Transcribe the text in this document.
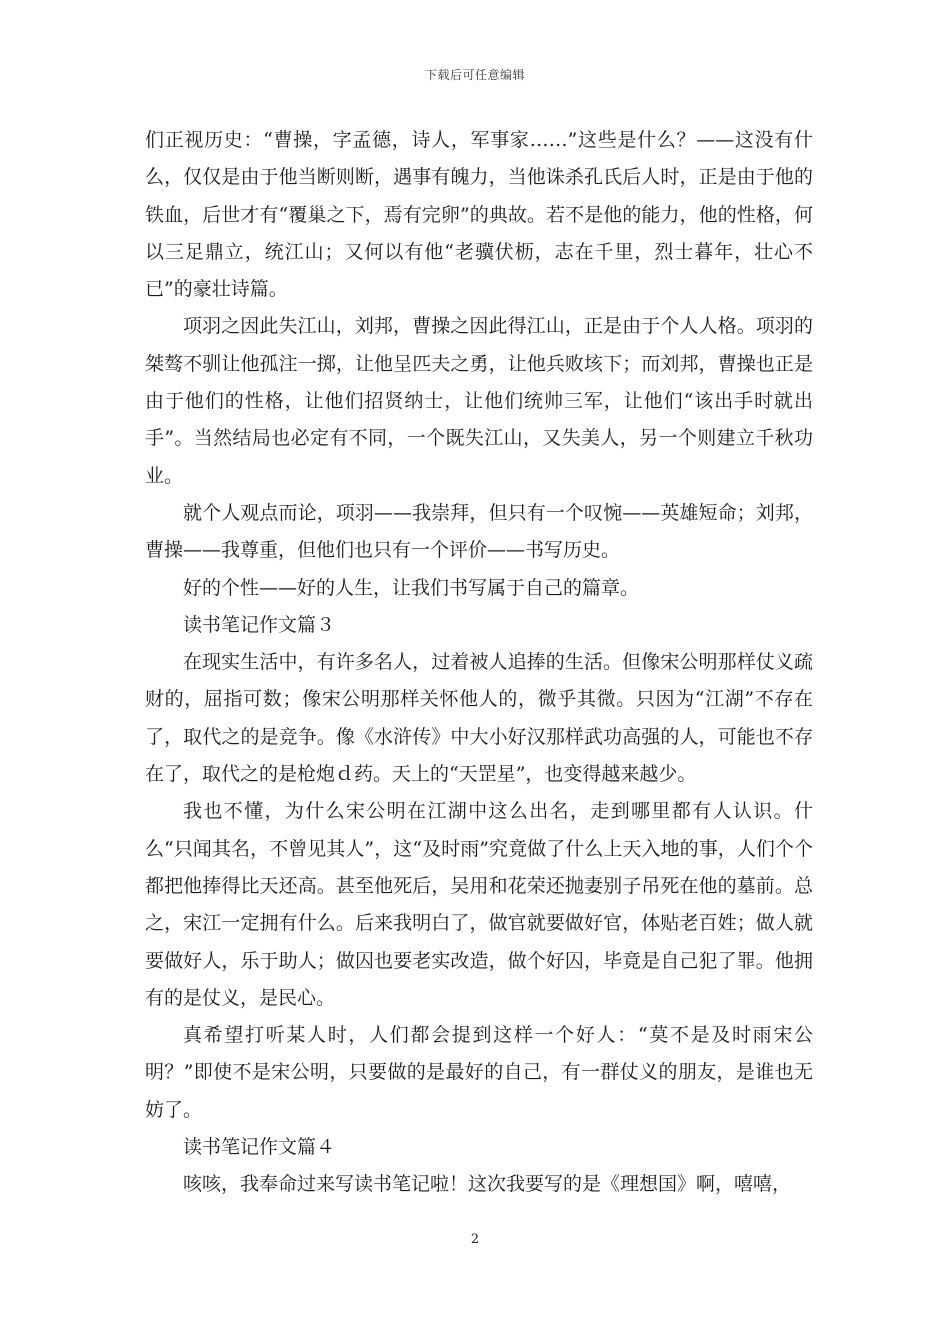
下载后可任意编辑

们正视历史：“曹操，字孟德，诗人，军事家……”这些是什么？——这没有什么，仅仅是由于他当断则断，遇事有魄力，当他诛杀孔氏后人时，正是由于他的铁血，后世才有“覆巢之下，焉有完卵”的典故。若不是他的能力，他的性格，何以三足鼎立，统江山；又何以有他“老骥伏枥，志在千里，烈士暮年，壮心不已”的豪壮诗篇。

项羽之因此失江山，刘邦，曹操之因此得江山，正是由于个人人格。项羽的桀骜不驯让他孤注一掷，让他呈匹夫之勇，让他兵败垓下；而刘邦，曹操也正是由于他们的性格，让他们招贤纳士，让他们统帅三军，让他们“该出手时就出手”。当然结局也必定有不同，一个既失江山，又失美人，另一个则建立千秋功业。

就个人观点而论，项羽——我崇拜，但只有一个叹惋——英雄短命；刘邦，曹操——我尊重，但他们也只有一个评价——书写历史。

好的个性——好的人生，让我们书写属于自己的篇章。

读书笔记作文篇３

在现实生活中，有许多名人，过着被人追捧的生活。但像宋公明那样仗义疏财的，屈指可数；像宋公明那样关怀他人的，微乎其微。只因为“江湖”不存在了，取代之的是竞争。像《水浒传》中大小好汉那样武功高强的人，可能也不存在了，取代之的是枪炮ｄ药。天上的“天罡星”，也变得越来越少。

我也不懂，为什么宋公明在江湖中这么出名，走到哪里都有人认识。什么“只闻其名，不曾见其人”，这“及时雨”究竟做了什么上天入地的事，人们个个都把他捧得比天还高。甚至他死后，吴用和花荣还抛妻别子吊死在他的墓前。总之，宋江一定拥有什么。后来我明白了，做官就要做好官，体贴老百姓；做人就要做好人，乐于助人；做囚也要老实改造，做个好囚，毕竟是自己犯了罪。他拥有的是仗义，是民心。

真希望打听某人时，人们都会提到这样一个好人：“莫不是及时雨宋公明？”即使不是宋公明，只要做的是最好的自己，有一群仗义的朋友，是谁也无妨了。

读书笔记作文篇４

咳咳，我奉命过来写读书笔记啦！这次我要写的是《理想国》啊，嘻嘻，

2
